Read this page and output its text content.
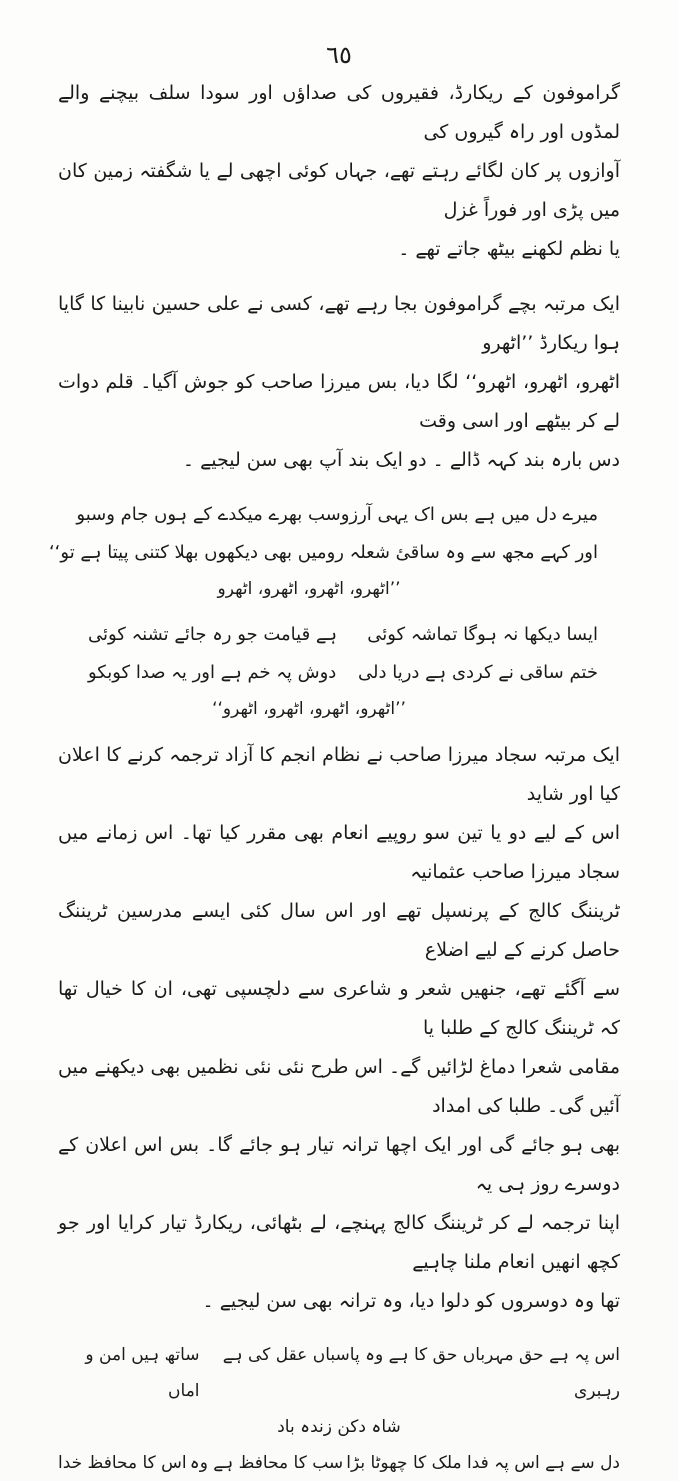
٦٥

گراموفون کے ریکارڈ، فقیروں کی صداؤں اور سودا سلف بیچنے والے لمڈوں اور راہ گیروں کی

آوازوں پر کان لگائے رہتے تھے، جہاں کوئی اچھی لے یا شگفتہ زمین کان میں پڑی اور فوراً غزل

یا نظم لکھنے بیٹھ جاتے تھے ۔

ایک مرتبہ بچے گراموفون بجا رہے تھے، کسی نے علی حسین نابینا کا گایا ہوا ریکارڈ ’’اٹھرو

اٹھرو، اٹھرو، اٹھرو‘‘ لگا دیا، بس میرزا صاحب کو جوش آگیا۔ قلم دوات لے کر بیٹھے اور اسی وقت

دس بارہ بند کہہ ڈالے ۔ دو ایک بند آپ بھی سن لیجیے ۔

میرے دل میں ہے بس اک یہی آرزو
سب بھرے میکدے کے ہوں جام وسبو
اور کہے مجھ سے وہ ساقیٔ شعلہ رو
میں بھی دیکھوں بھلا کتنی پیتا ہے تو‘‘
’’اٹھرو، اٹھرو، اٹھرو، اٹھرو
ایسا دیکھا نہ ہوگا تماشہ کوئی
ہے قیامت جو رہ جائے تشنہ کوئی
ختم ساقی نے کردی ہے دریا دلی
دوش پہ خم ہے اور یہ صدا کوبکو
’’اٹھرو، اٹھرو، اٹھرو، اٹھرو‘‘

ایک مرتبہ سجاد میرزا صاحب نے نظام انجم کا آزاد ترجمہ کرنے کا اعلان کیا اور شاید

اس کے لیے دو یا تین سو روپیے انعام بھی مقرر کیا تھا۔ اس زمانے میں سجاد میرزا صاحب عثمانیہ

ٹریننگ کالج کے پرنسپل تھے اور اس سال کئی ایسے مدرسین ٹریننگ حاصل کرنے کے لیے اضلاع

سے آگئے تھے، جنھیں شعر و شاعری سے دلچسپی تھی، ان کا خیال تھا کہ ٹریننگ کالج کے طلبا یا

مقامی شعرا دماغ لڑائیں گے۔ اس طرح نئی نئی نظمیں بھی دیکھنے میں آئیں گی۔ طلبا کی امداد

بھی ہو جائے گی اور ایک اچھا ترانہ تیار ہو جائے گا۔ بس اس اعلان کے دوسرے روز ہی یہ

اپنا ترجمہ لے کر ٹریننگ کالج پہنچے، لے بٹھائی، ریکارڈ تیار کرایا اور جو کچھ انھیں انعام ملنا چاہیے

تھا وہ دوسروں کو دلوا دیا، وہ ترانہ بھی سن لیجیے ۔

اس پہ ہے حق مہرباں حق کا ہے وہ پاسباں عقل کی ہے رہبری
ساتھ ہیں امن و اماں
شاہ دکن زندہ باد
دل سے ہے اس پہ فدا ملک کا چھوٹا بڑا
سب کا محافظ ہے وہ
اس کا محافظ خدا
